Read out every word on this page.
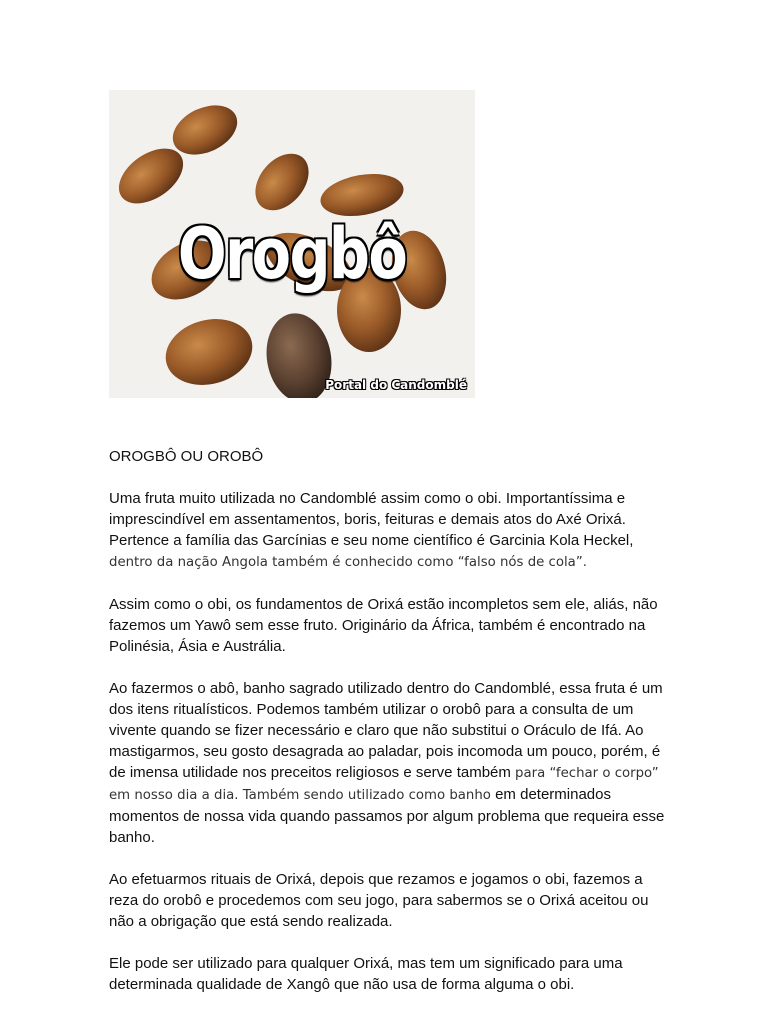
Orogbô
Portal do Candomblé
OROGBÔ OU OROBÔ

Uma fruta muito utilizada no Candomblé assim como o obi. Importantíssima e imprescindível em assentamentos, boris, feituras e demais atos do Axé Orixá. Pertence a família das Garcínias e seu nome científico é Garcinia Kola Heckel, dentro da nação Angola também é conhecido como “falso nós de cola”.

Assim como o obi, os fundamentos de Orixá estão incompletos sem ele, aliás, não fazemos um Yawô sem esse fruto. Originário da África, também é encontrado na Polinésia, Ásia e Austrália.

Ao fazermos o abô, banho sagrado utilizado dentro do Candomblé, essa fruta é um dos itens ritualísticos. Podemos também utilizar o orobô para a consulta de um vivente quando se fizer necessário e claro que não substitui o Oráculo de Ifá. Ao mastigarmos, seu gosto desagrada ao paladar, pois incomoda um pouco, porém, é de imensa utilidade nos preceitos religiosos e serve também para “fechar o corpo” em nosso dia a dia. Também sendo utilizado como banho em determinados momentos de nossa vida quando passamos por algum problema que requeira esse banho.

Ao efetuarmos rituais de Orixá, depois que rezamos e jogamos o obi, fazemos a reza do orobô e procedemos com seu jogo, para sabermos se o Orixá aceitou ou não a obrigação que está sendo realizada.

Ele pode ser utilizado para qualquer Orixá, mas tem um significado para uma determinada qualidade de Xangô que não usa de forma alguma o obi.
